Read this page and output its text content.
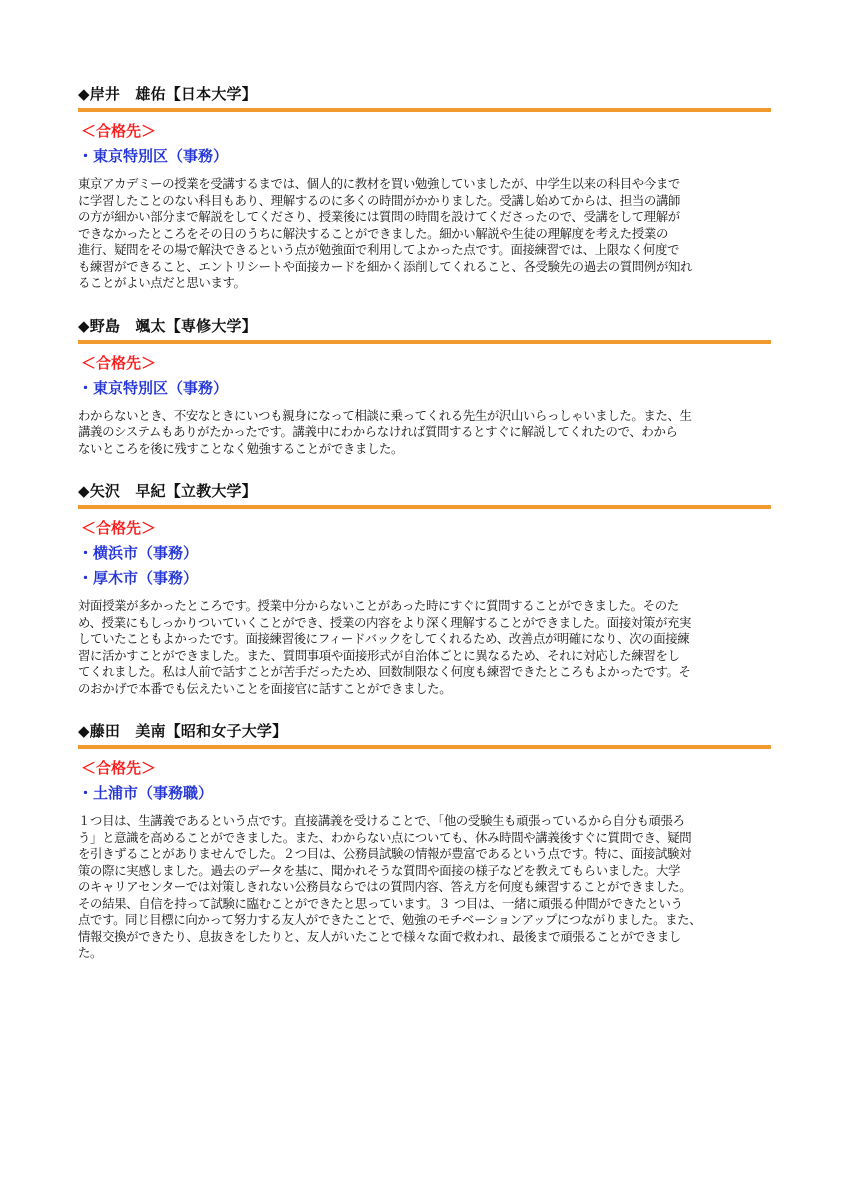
◆岸井　雄佑【日本大学】
＜合格先＞
・東京特別区（事務）
東京アカデミーの授業を受講するまでは、個人的に教材を買い勉強していましたが、中学生以来の科目や今まで
に学習したことのない科目もあり、理解するのに多くの時間がかかりました。受講し始めてからは、担当の講師
の方が細かい部分まで解説をしてくださり、授業後には質問の時間を設けてくださったので、受講をして理解が
できなかったところをその日のうちに解決することができました。細かい解説や生徒の理解度を考えた授業の
進行、疑問をその場で解決できるという点が勉強面で利用してよかった点です。面接練習では、上限なく何度で
も練習ができること、エントリシートや面接カードを細かく添削してくれること、各受験先の過去の質問例が知れ
ることがよい点だと思います。
◆野島　颯太【専修大学】
＜合格先＞
・東京特別区（事務）
わからないとき、不安なときにいつも親身になって相談に乗ってくれる先生が沢山いらっしゃいました。また、生
講義のシステムもありがたかったです。講義中にわからなければ質問するとすぐに解説してくれたので、わから
ないところを後に残すことなく勉強することができました。
◆矢沢　早紀【立教大学】
＜合格先＞
・横浜市（事務）
・厚木市（事務）
対面授業が多かったところです。授業中分からないことがあった時にすぐに質問することができました。そのた
め、授業にもしっかりついていくことができ、授業の内容をより深く理解することができました。面接対策が充実
していたこともよかったです。面接練習後にフィードバックをしてくれるため、改善点が明確になり、次の面接練
習に活かすことができました。また、質問事項や面接形式が自治体ごとに異なるため、それに対応した練習をし
てくれました。私は人前で話すことが苦手だったため、回数制限なく何度も練習できたところもよかったです。そ
のおかげで本番でも伝えたいことを面接官に話すことができました。
◆藤田　美南【昭和女子大学】
＜合格先＞
・土浦市（事務職）
１つ目は、生講義であるという点です。直接講義を受けることで、「他の受験生も頑張っているから自分も頑張ろ
う」と意識を高めることができました。また、わからない点についても、休み時間や講義後すぐに質問でき、疑問
を引きずることがありませんでした。２つ目は、公務員試験の情報が豊富であるという点です。特に、面接試験対
策の際に実感しました。過去のデータを基に、聞かれそうな質問や面接の様子などを教えてもらいました。大学
のキャリアセンターでは対策しきれない公務員ならではの質問内容、答え方を何度も練習することができました。
その結果、自信を持って試験に臨むことができたと思っています。３ つ目は、一緒に頑張る仲間ができたという
点です。同じ目標に向かって努力する友人ができたことで、勉強のモチベーションアップにつながりました。また、
情報交換ができたり、息抜きをしたりと、友人がいたことで様々な面で救われ、最後まで頑張ることができまし
た。
